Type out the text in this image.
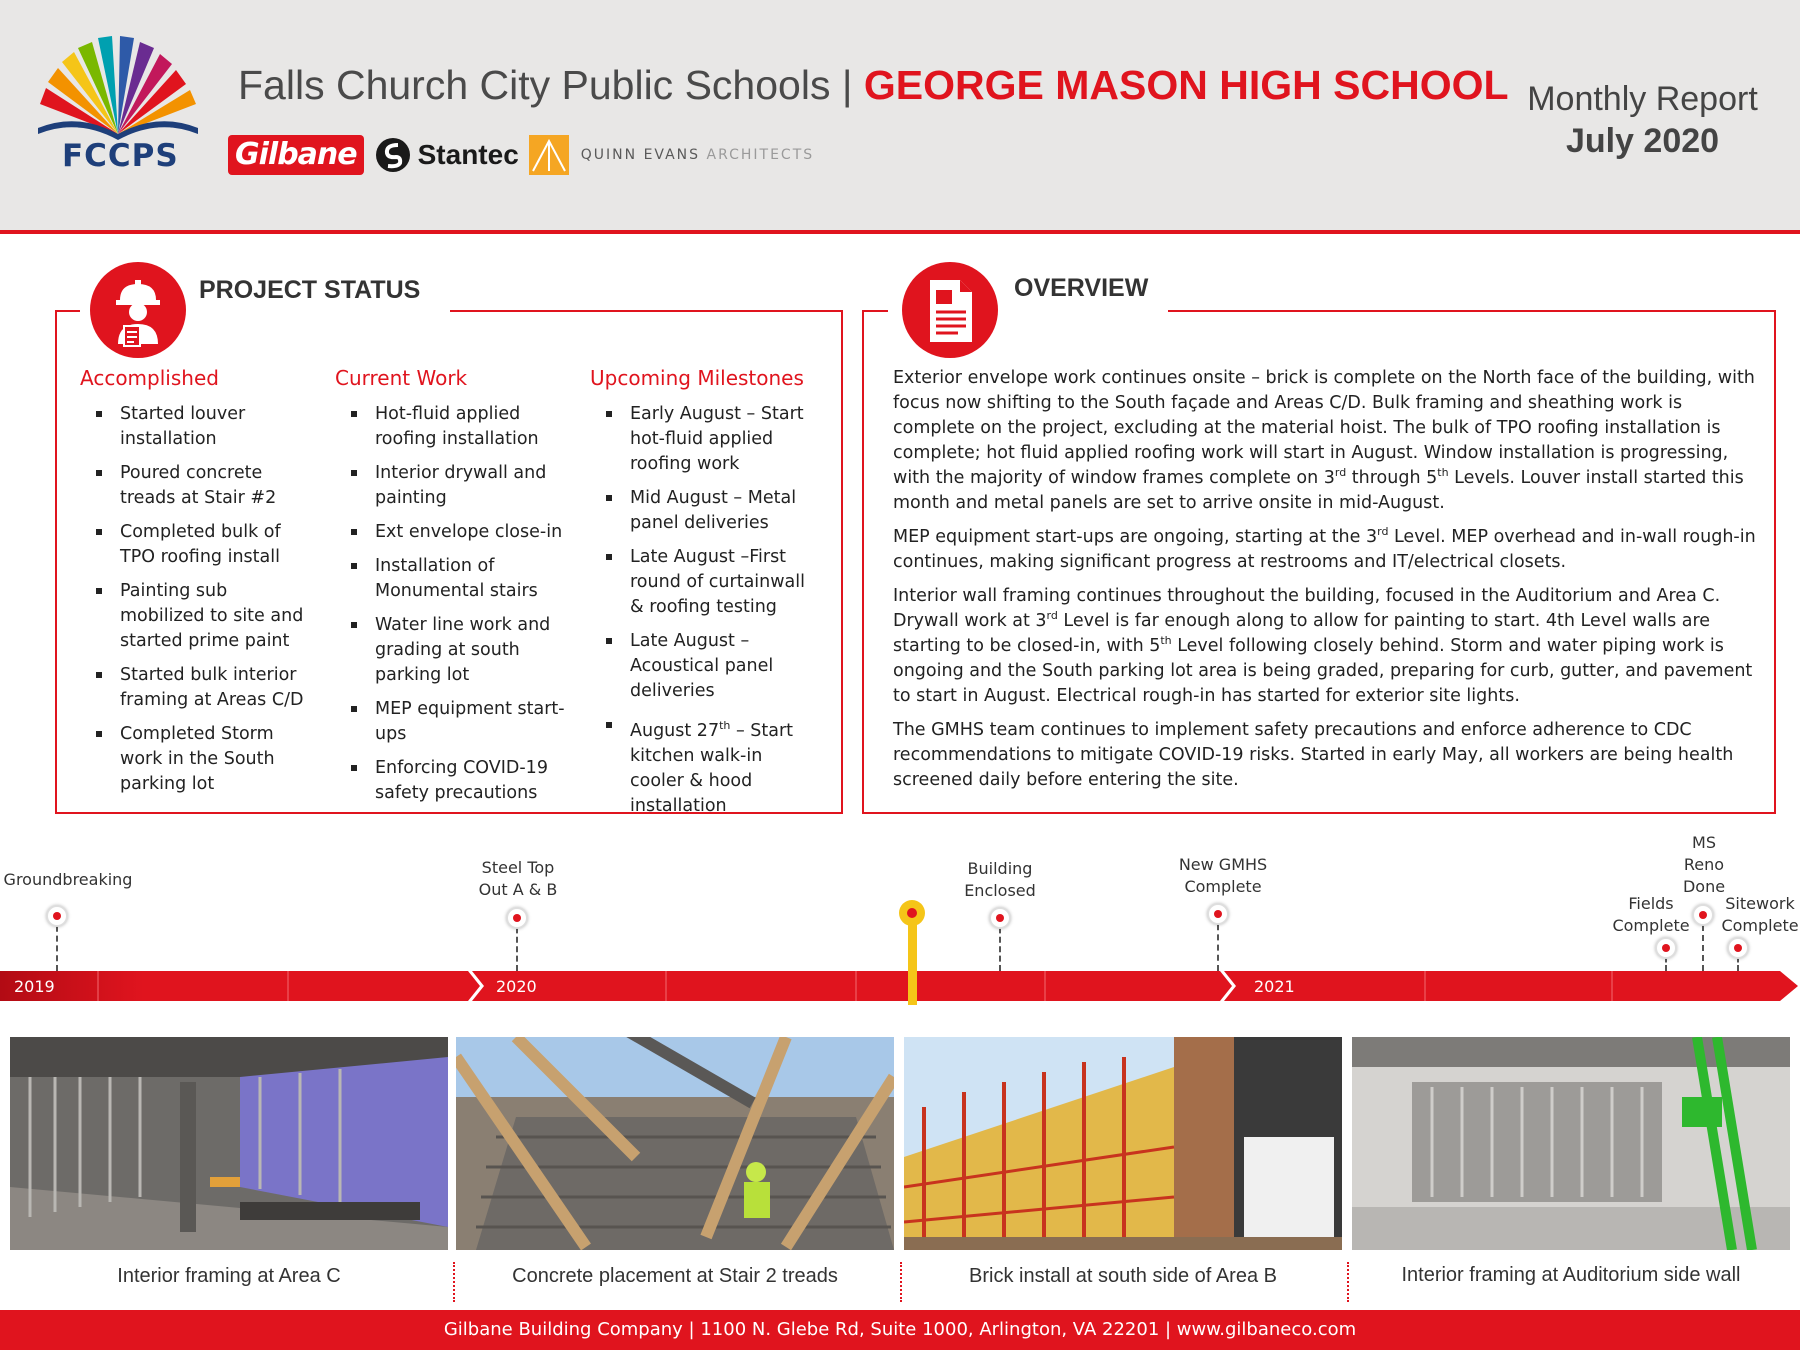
FCCPS
Falls Church City Public Schools | GEORGE MASON HIGH SCHOOL
Gilbane Stantec	QUINN EVANS ARCHITECTS
Monthly Report
July 2020
PROJECT STATUS
Accomplished
Started louver installation
Poured concrete treads at Stair #2
Completed bulk of TPO roofing install
Painting sub mobilized to site and started prime paint
Started bulk interior framing at Areas C/D
Completed Storm work in the South parking lot
Current Work
Hot-fluid applied roofing installation
Interior drywall and painting
Ext envelope close-in
Installation of Monumental stairs
Water line work and grading at south parking lot
MEP equipment start-ups
Enforcing COVID-19 safety precautions
Upcoming Milestones
Early August – Start hot-fluid applied roofing work
Mid August – Metal panel deliveries
Late August –First round of curtainwall & roofing testing
Late August – Acoustical panel deliveries
August 27th – Start kitchen walk-in cooler & hood installation
OVERVIEW

Exterior envelope work continues onsite – brick is complete on the North face of the building, with focus now shifting to the South façade and Areas C/D. Bulk framing and sheathing work is complete on the project, excluding at the material hoist. The bulk of TPO roofing installation is complete; hot fluid applied roofing work will start in August. Window installation is progressing, with the majority of window frames complete on 3rd through 5th Levels. Louver install started this month and metal panels are set to arrive onsite in mid-August.

MEP equipment start-ups are ongoing, starting at the 3rd Level. MEP overhead and in-wall rough-in continues, making significant progress at restrooms and IT/electrical closets.

Interior wall framing continues throughout the building, focused in the Auditorium and Area C. Drywall work at 3rd Level is far enough along to allow for painting to start. 4th Level walls are starting to be closed-in, with 5th Level following closely behind. Storm and water piping work is ongoing and the South parking lot area is being graded, preparing for curb, gutter, and pavement to start in August. Electrical rough-in has started for exterior site lights.

The GMHS team continues to implement safety precautions and enforce adherence to CDC recommendations to mitigate COVID-19 risks. Started in early May, all workers are being health screened daily before entering the site.

2019	2020	2021
Groundbreaking
Steel Top
Out A & B
Building
Enclosed
New GMHS
Complete
Fields
Complete
MS
Reno
Done
Sitework
Complete
Interior framing at Area C	Concrete placement at Stair 2 treads	Brick install at south side of Area B	Interior framing at Auditorium side wall
Gilbane Building Company | 1100 N. Glebe Rd, Suite 1000, Arlington, VA 22201 | www.gilbaneco.com
